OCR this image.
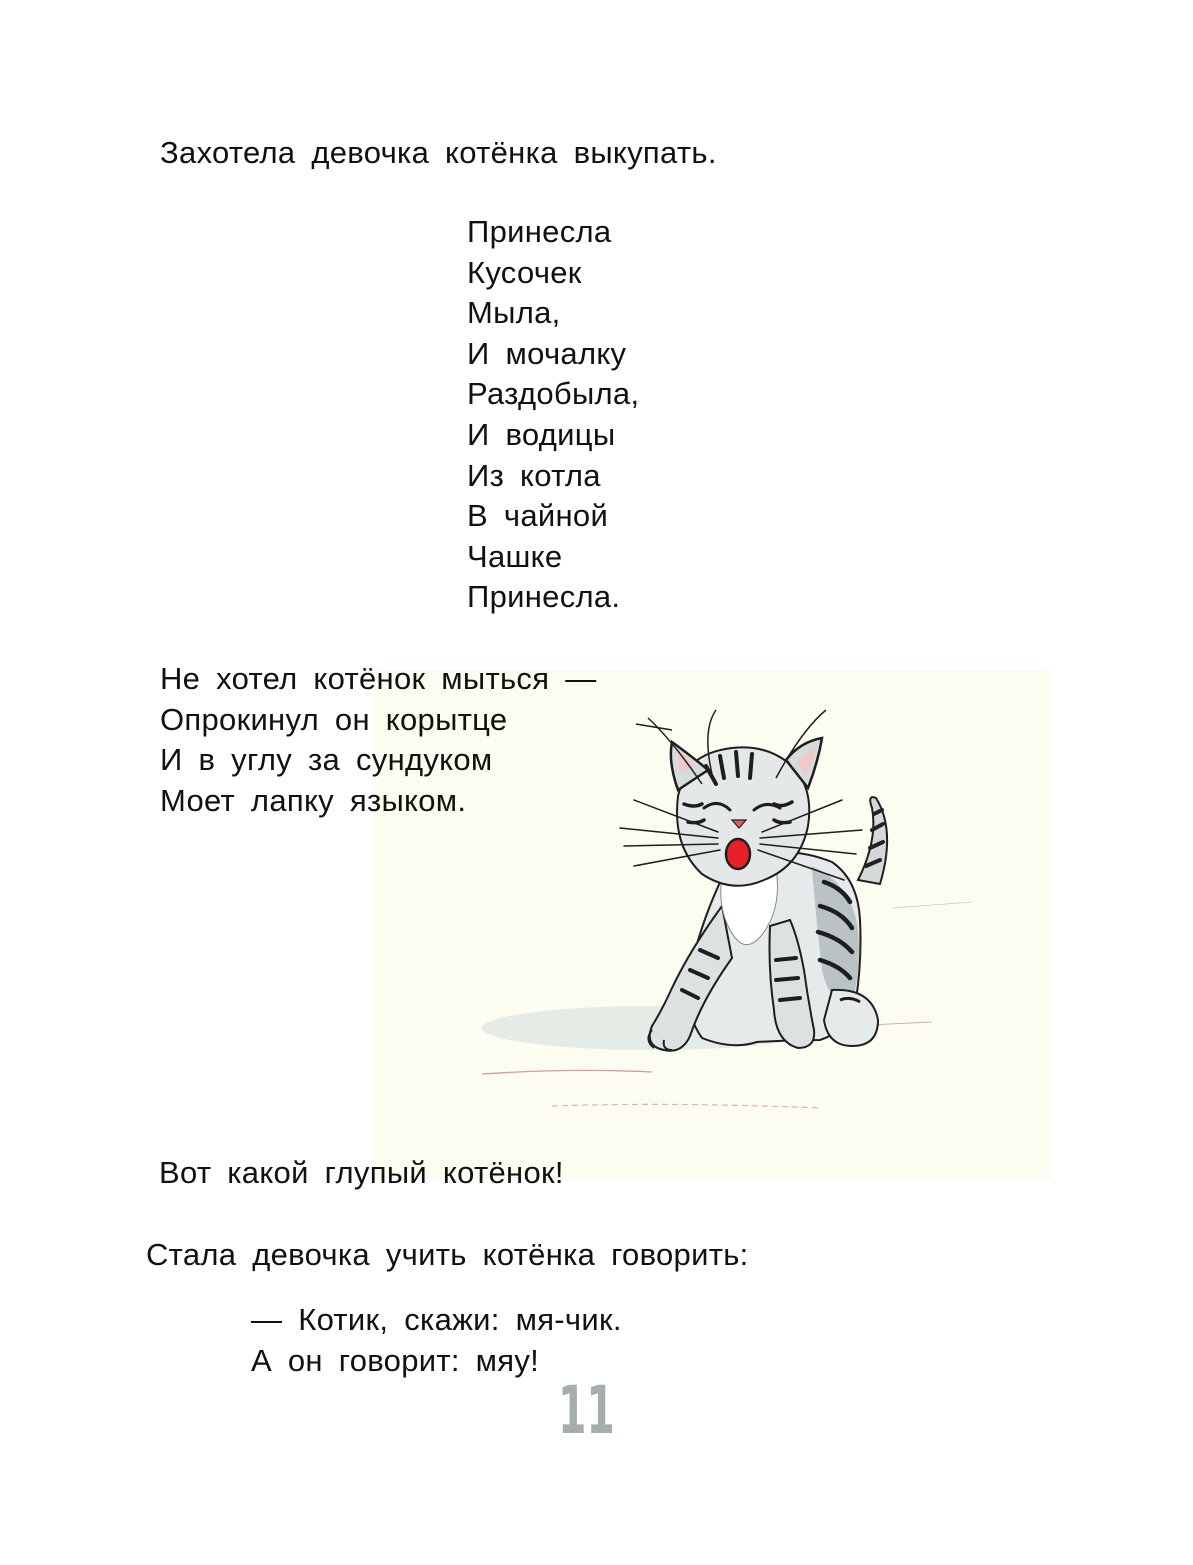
Захотела девочка котёнка выкупать.
Принесла
Кусочек
Мыла,
И мочалку
Раздобыла,
И водицы
Из котла
В чайной
Чашке
Принесла.
Не хотел котёнок мыться —
Опрокинул он корытце
И в углу за сундуком
Моет лапку языком.
Вот какой глупый котёнок!
Стала девочка учить котёнка говорить:
— Котик, скажи: мя-чик.
А он говорит: мяу!
11
